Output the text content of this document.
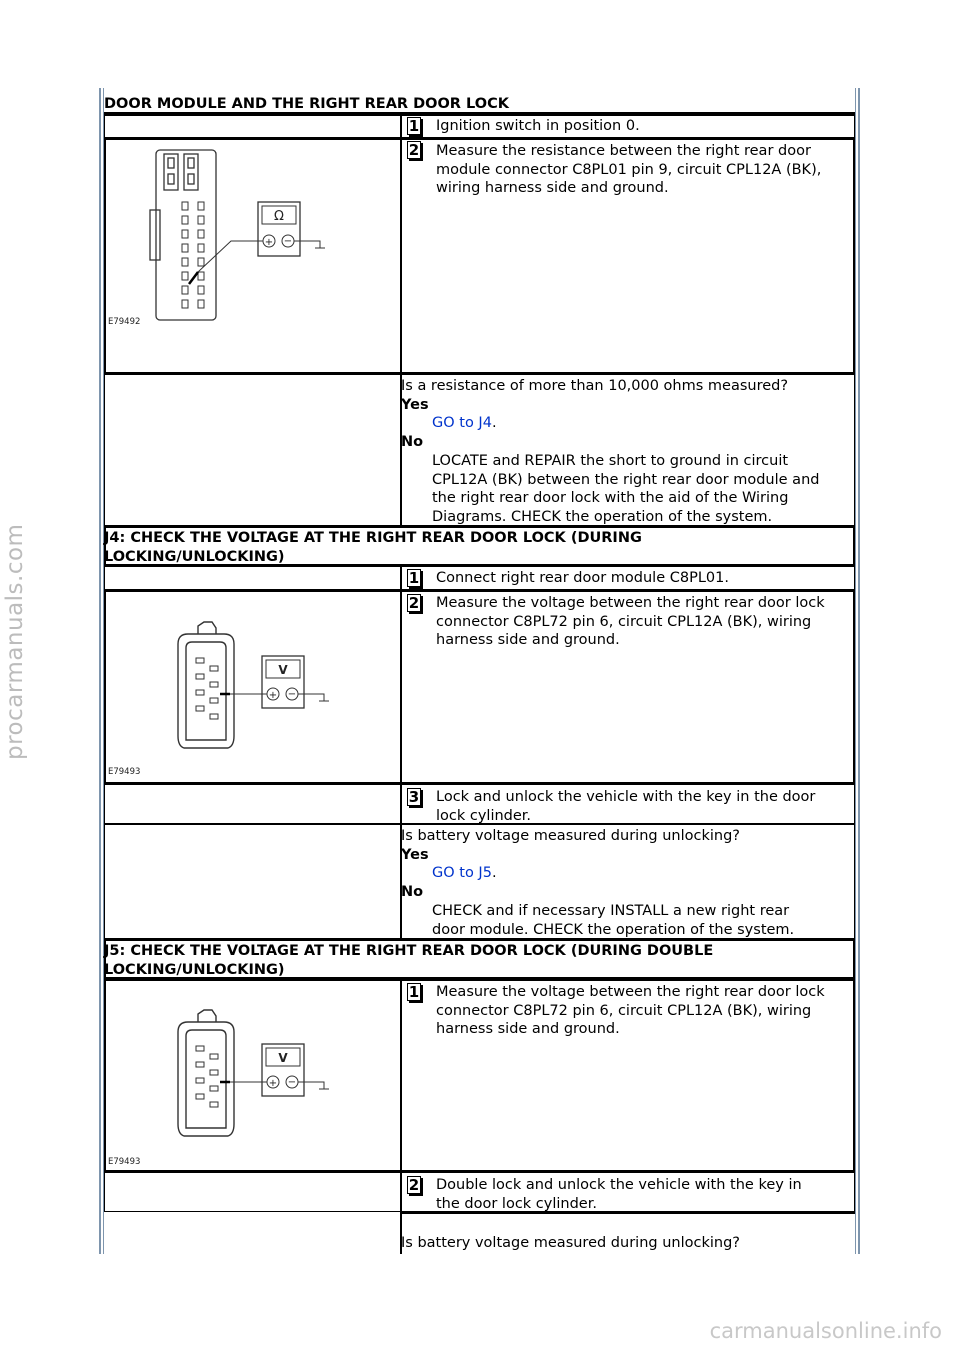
procarmanuals.com
carmanualsonline.info
DOOR MODULE AND THE RIGHT REAR DOOR LOCK
1 Ignition switch in position 0.
2 Measure the resistance between the right rear door
module connector C8PL01 pin 9, circuit CPL12A (BK),
wiring harness side and ground.
Ω
+ −
E79492
Is a resistance of more than 10,000 ohms measured?
Yes
GO to J4.
No
LOCATE and REPAIR the short to ground in circuit
CPL12A (BK) between the right rear door module and
the right rear door lock with the aid of the Wiring
Diagrams. CHECK the operation of the system.
J4: CHECK THE VOLTAGE AT THE RIGHT REAR DOOR LOCK (DURING
LOCKING/UNLOCKING)
1 Connect right rear door module C8PL01.
2 Measure the voltage between the right rear door lock
connector C8PL72 pin 6, circuit CPL12A (BK), wiring
harness side and ground.
V
+ −
E79493
3 Lock and unlock the vehicle with the key in the door
lock cylinder.
Is battery voltage measured during unlocking?
Yes
GO to J5.
No
CHECK and if necessary INSTALL a new right rear
door module. CHECK the operation of the system.
J5: CHECK THE VOLTAGE AT THE RIGHT REAR DOOR LOCK (DURING DOUBLE
LOCKING/UNLOCKING)
1 Measure the voltage between the right rear door lock
connector C8PL72 pin 6, circuit CPL12A (BK), wiring
harness side and ground.
V
+ −
E79493
2 Double lock and unlock the vehicle with the key in
the door lock cylinder.
Is battery voltage measured during unlocking?
